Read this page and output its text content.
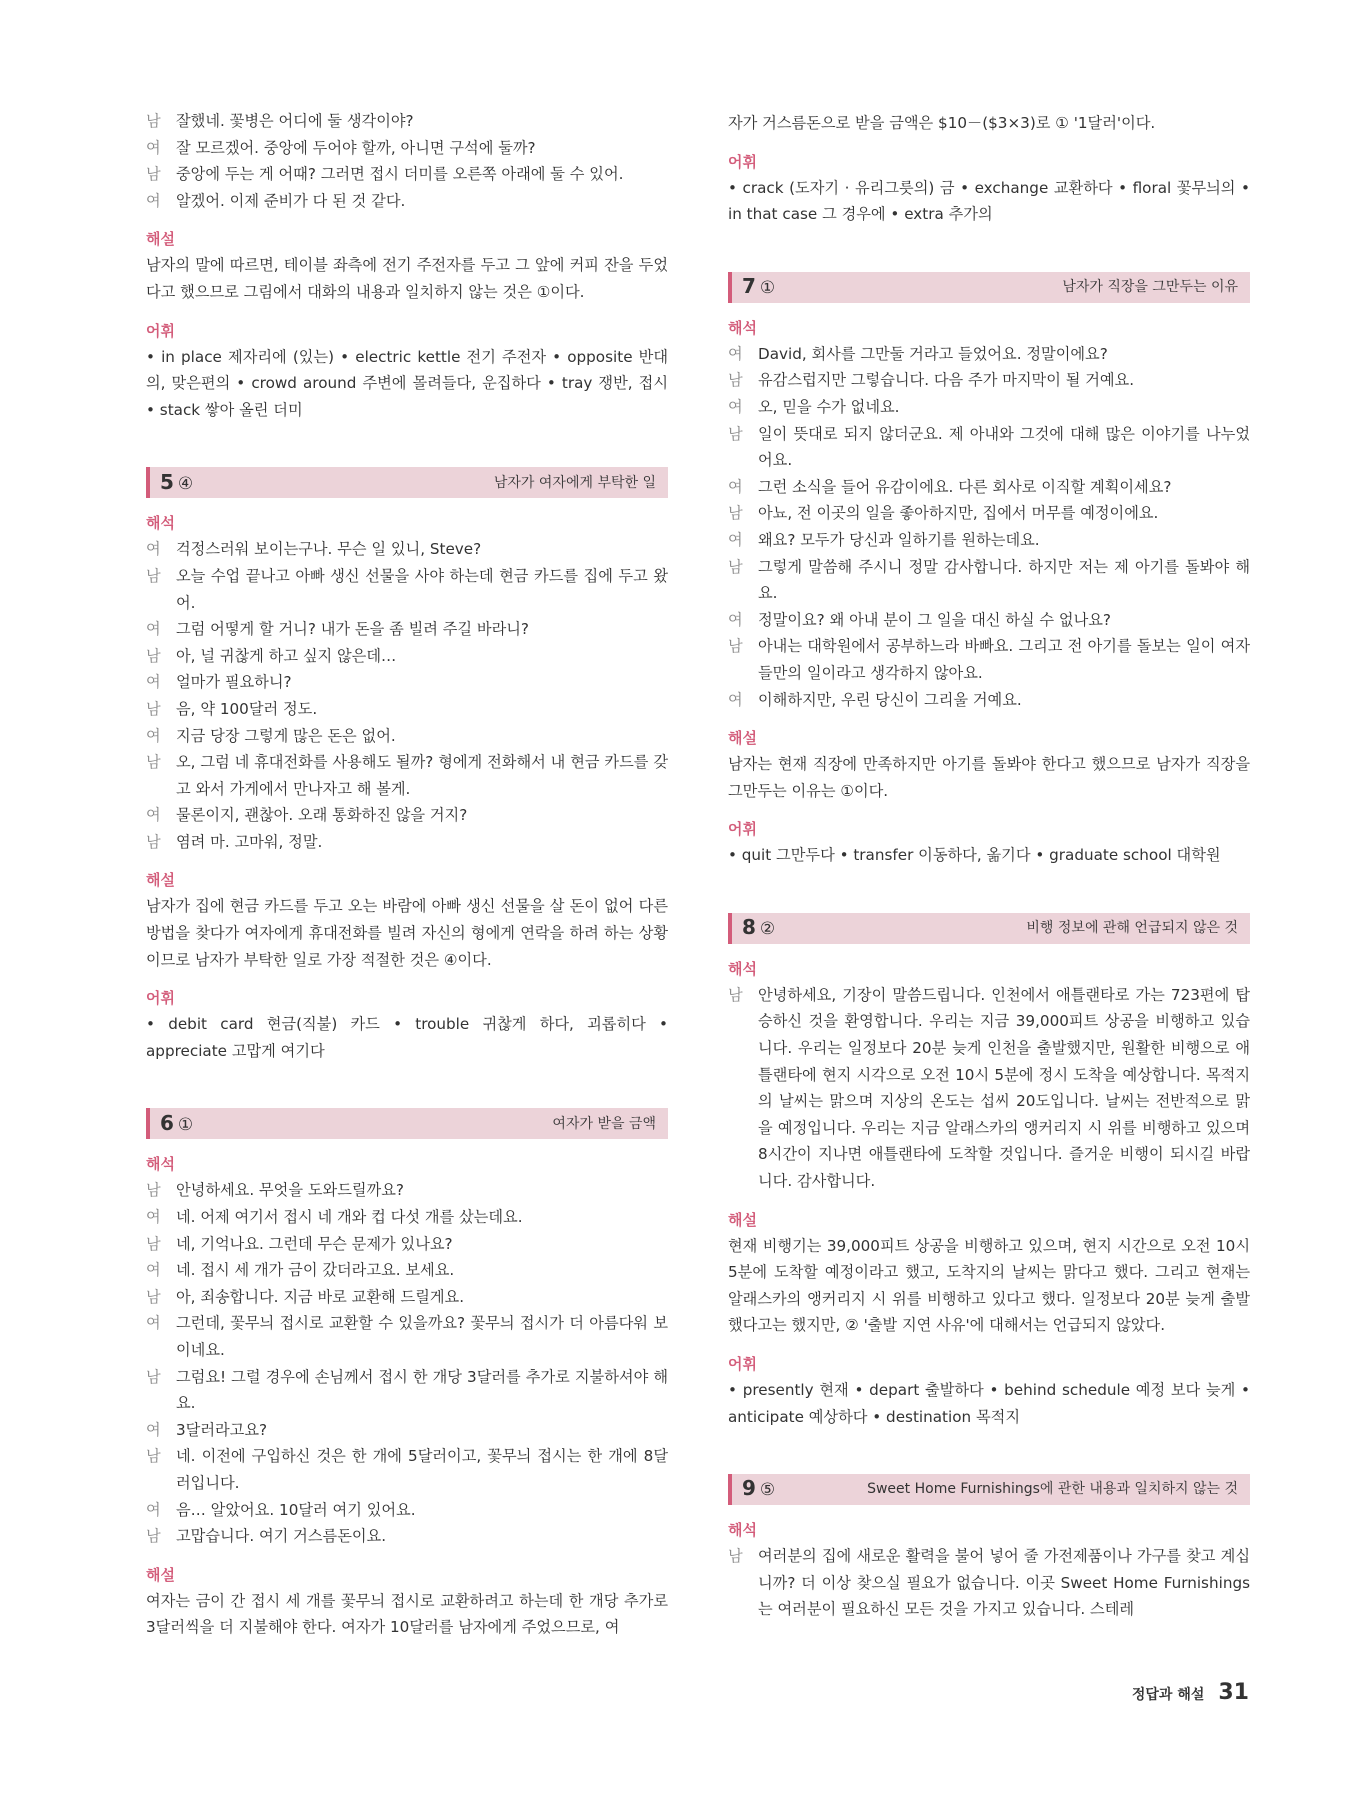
남	잘했네. 꽃병은 어디에 둘 생각이야?
여	잘 모르겠어. 중앙에 두어야 할까, 아니면 구석에 둘까?
남	중앙에 두는 게 어때? 그러면 접시 더미를 오른쪽 아래에 둘 수 있어.
여	알겠어. 이제 준비가 다 된 것 같다.
해설
남자의 말에 따르면, 테이블 좌측에 전기 주전자를 두고 그 앞에 커피 잔을 두었다고 했으므로 그림에서 대화의 내용과 일치하지 않는 것은 ①이다.
어휘
• in place 제자리에 (있는) • electric kettle 전기 주전자 • opposite 반대의, 맞은편의 • crowd around 주변에 몰려들다, 운집하다 • tray 쟁반, 접시 • stack 쌓아 올린 더미
5 ④	남자가 여자에게 부탁한 일
해석
여	걱정스러워 보이는구나. 무슨 일 있니, Steve?
남	오늘 수업 끝나고 아빠 생신 선물을 사야 하는데 현금 카드를 집에 두고 왔어.
여	그럼 어떻게 할 거니? 내가 돈을 좀 빌려 주길 바라니?
남	아, 널 귀찮게 하고 싶지 않은데…
여	얼마가 필요하니?
남	음, 약 100달러 정도.
여	지금 당장 그렇게 많은 돈은 없어.
남	오, 그럼 네 휴대전화를 사용해도 될까? 형에게 전화해서 내 현금 카드를 갖고 와서 가게에서 만나자고 해 볼게.
여	물론이지, 괜찮아. 오래 통화하진 않을 거지?
남	염려 마. 고마워, 정말.
해설
남자가 집에 현금 카드를 두고 오는 바람에 아빠 생신 선물을 살 돈이 없어 다른 방법을 찾다가 여자에게 휴대전화를 빌려 자신의 형에게 연락을 하려 하는 상황이므로 남자가 부탁한 일로 가장 적절한 것은 ④이다.
어휘
• debit card 현금(직불) 카드 • trouble 귀찮게 하다, 괴롭히다 • appreciate 고맙게 여기다
6 ①	여자가 받을 금액
해석
남	안녕하세요. 무엇을 도와드릴까요?
여	네. 어제 여기서 접시 네 개와 컵 다섯 개를 샀는데요.
남	네, 기억나요. 그런데 무슨 문제가 있나요?
여	네. 접시 세 개가 금이 갔더라고요. 보세요.
남	아, 죄송합니다. 지금 바로 교환해 드릴게요.
여	그런데, 꽃무늬 접시로 교환할 수 있을까요? 꽃무늬 접시가 더 아름다워 보이네요.
남	그럼요! 그럴 경우에 손님께서 접시 한 개당 3달러를 추가로 지불하셔야 해요.
여	3달러라고요?
남	네. 이전에 구입하신 것은 한 개에 5달러이고, 꽃무늬 접시는 한 개에 8달러입니다.
여	음… 알았어요. 10달러 여기 있어요.
남	고맙습니다. 여기 거스름돈이요.
해설
여자는 금이 간 접시 세 개를 꽃무늬 접시로 교환하려고 하는데 한 개당 추가로 3달러씩을 더 지불해야 한다. 여자가 10달러를 남자에게 주었으므로, 여
자가 거스름돈으로 받을 금액은 $10－($3×3)로 ① '1달러'이다.
어휘
• crack (도자기 · 유리그릇의) 금 • exchange 교환하다 • floral 꽃무늬의 • in that case 그 경우에 • extra 추가의
7 ①	남자가 직장을 그만두는 이유
해석
여	David, 회사를 그만둘 거라고 들었어요. 정말이에요?
남	유감스럽지만 그렇습니다. 다음 주가 마지막이 될 거예요.
여	오, 믿을 수가 없네요.
남	일이 뜻대로 되지 않더군요. 제 아내와 그것에 대해 많은 이야기를 나누었어요.
여	그런 소식을 들어 유감이에요. 다른 회사로 이직할 계획이세요?
남	아뇨, 전 이곳의 일을 좋아하지만, 집에서 머무를 예정이에요.
여	왜요? 모두가 당신과 일하기를 원하는데요.
남	그렇게 말씀해 주시니 정말 감사합니다. 하지만 저는 제 아기를 돌봐야 해요.
여	정말이요? 왜 아내 분이 그 일을 대신 하실 수 없나요?
남	아내는 대학원에서 공부하느라 바빠요. 그리고 전 아기를 돌보는 일이 여자들만의 일이라고 생각하지 않아요.
여	이해하지만, 우린 당신이 그리울 거예요.
해설
남자는 현재 직장에 만족하지만 아기를 돌봐야 한다고 했으므로 남자가 직장을 그만두는 이유는 ①이다.
어휘
• quit 그만두다 • transfer 이동하다, 옮기다 • graduate school 대학원
8 ②	비행 정보에 관해 언급되지 않은 것
해석
남	안녕하세요, 기장이 말씀드립니다. 인천에서 애틀랜타로 가는 723편에 탑승하신 것을 환영합니다. 우리는 지금 39,000피트 상공을 비행하고 있습니다. 우리는 일정보다 20분 늦게 인천을 출발했지만, 원활한 비행으로 애틀랜타에 현지 시각으로 오전 10시 5분에 정시 도착을 예상합니다. 목적지의 날씨는 맑으며 지상의 온도는 섭씨 20도입니다. 날씨는 전반적으로 맑을 예정입니다. 우리는 지금 알래스카의 앵커리지 시 위를 비행하고 있으며 8시간이 지나면 애틀랜타에 도착할 것입니다. 즐거운 비행이 되시길 바랍니다. 감사합니다.
해설
현재 비행기는 39,000피트 상공을 비행하고 있으며, 현지 시간으로 오전 10시 5분에 도착할 예정이라고 했고, 도착지의 날씨는 맑다고 했다. 그리고 현재는 알래스카의 앵커리지 시 위를 비행하고 있다고 했다. 일정보다 20분 늦게 출발했다고는 했지만, ② '출발 지연 사유'에 대해서는 언급되지 않았다.
어휘
• presently 현재 • depart 출발하다 • behind schedule 예정 보다 늦게 • anticipate 예상하다 • destination 목적지
9 ⑤	Sweet Home Furnishings에 관한 내용과 일치하지 않는 것
해석
남	여러분의 집에 새로운 활력을 불어 넣어 줄 가전제품이나 가구를 찾고 계십니까? 더 이상 찾으실 필요가 없습니다. 이곳 Sweet Home Furnishings는 여러분이 필요하신 모든 것을 가지고 있습니다. 스테레
정답과 해설 31
